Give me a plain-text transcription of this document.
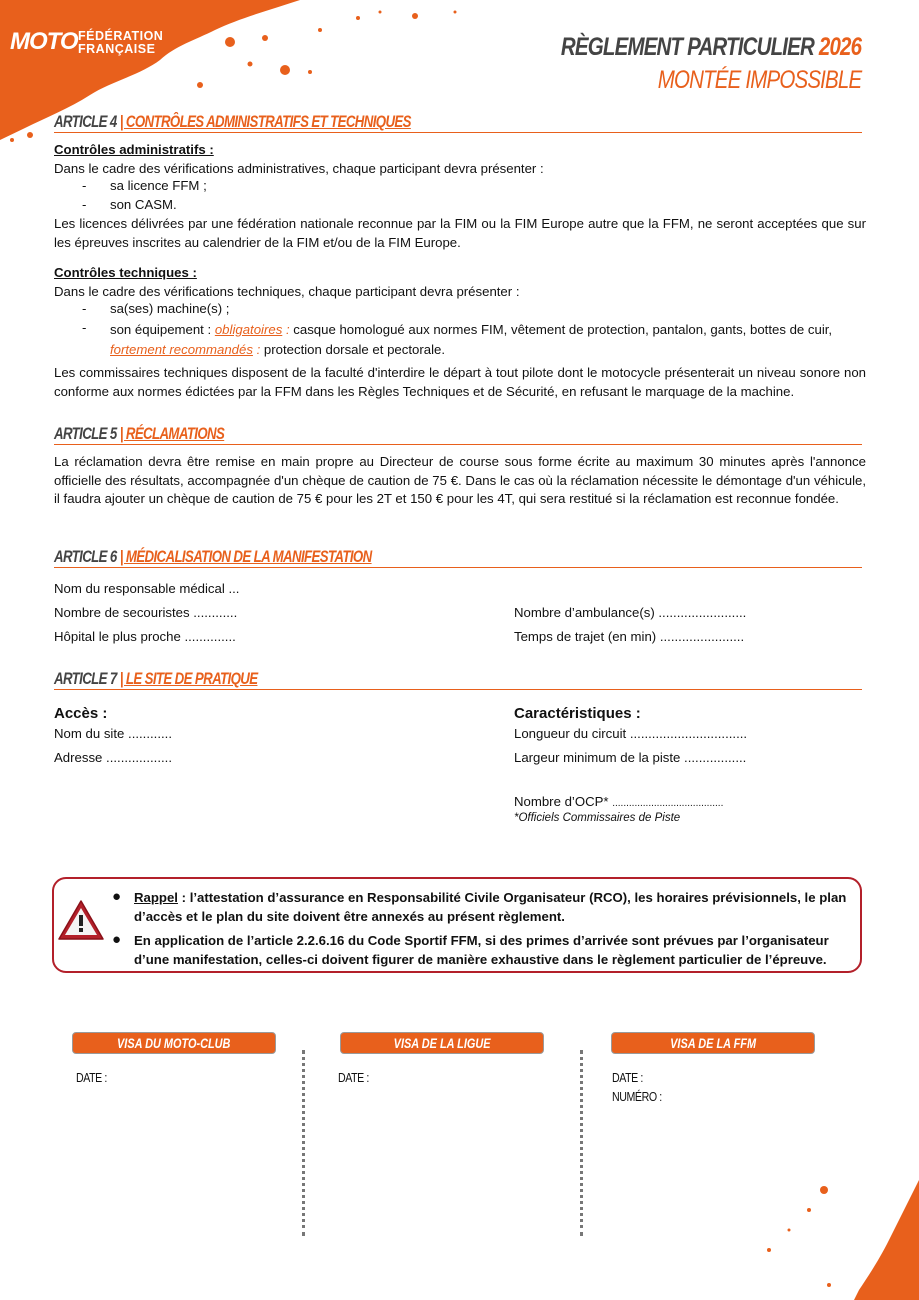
MOTO FÉDÉRATION
FRANÇAISE	RÈGLEMENT PARTICULIER 2026
MONTÉE IMPOSSIBLE
ARTICLE 4 | CONTRÔLES ADMINISTRATIFS ET TECHNIQUES
Contrôles administratifs :
Dans le cadre des vérifications administratives, chaque participant devra présenter :
- sa licence FFM ;
- son CASM.
Les licences délivrées par une fédération nationale reconnue par la FIM ou la FIM Europe autre que la FFM, ne seront acceptées que sur les épreuves inscrites au calendrier de la FIM et/ou de la FIM Europe.
Contrôles techniques :
Dans le cadre des vérifications techniques, chaque participant devra présenter :
- sa(ses) machine(s) ;
- son équipement : obligatoires : casque homologué aux normes FIM, vêtement de protection, pantalon, gants, bottes de cuir,
fortement recommandés : protection dorsale et pectorale.
Les commissaires techniques disposent de la faculté d'interdire le départ à tout pilote dont le motocycle présenterait un niveau sonore non conforme aux normes édictées par la FFM dans les Règles Techniques et de Sécurité, en refusant le marquage de la machine.
ARTICLE 5 | RÉCLAMATIONS
La réclamation devra être remise en main propre au Directeur de course sous forme écrite au maximum 30 minutes après l'annonce officielle des résultats, accompagnée d'un chèque de caution de 75 €. Dans le cas où la réclamation nécessite le démontage d'un véhicule, il faudra ajouter un chèque de caution de 75 € pour les 2T et 150 € pour les 4T, qui sera restitué si la réclamation est reconnue fondée.
ARTICLE 6 | MÉDICALISATION DE LA MANIFESTATION
Nom du responsable médical ...
Nombre de secouristes ............
Hôpital le plus proche ..............
Nombre d’ambulance(s) ........................
Temps de trajet (en min) .......................
ARTICLE 7 | LE SITE DE PRATIQUE
Accès :
Nom du site ............
Adresse ..................
Caractéristiques :
Longueur du circuit ................................
Largeur minimum de la piste .................
Nombre d’OCP* ........................................
*Officiels Commissaires de Piste
● Rappel : l’attestation d’assurance en Responsabilité Civile Organisateur (RCO), les horaires prévisionnels, le plan d’accès et le plan du site doivent être annexés au présent règlement.
● En application de l’article 2.2.6.16 du Code Sportif FFM, si des primes d’arrivée sont prévues par l’organisateur d’une manifestation, celles-ci doivent figurer de manière exhaustive dans le règlement particulier de l’épreuve.
VISA DU MOTO-CLUB
DATE :
VISA DE LA LIGUE
DATE :
VISA DE LA FFM
DATE :
NUMÉRO :
